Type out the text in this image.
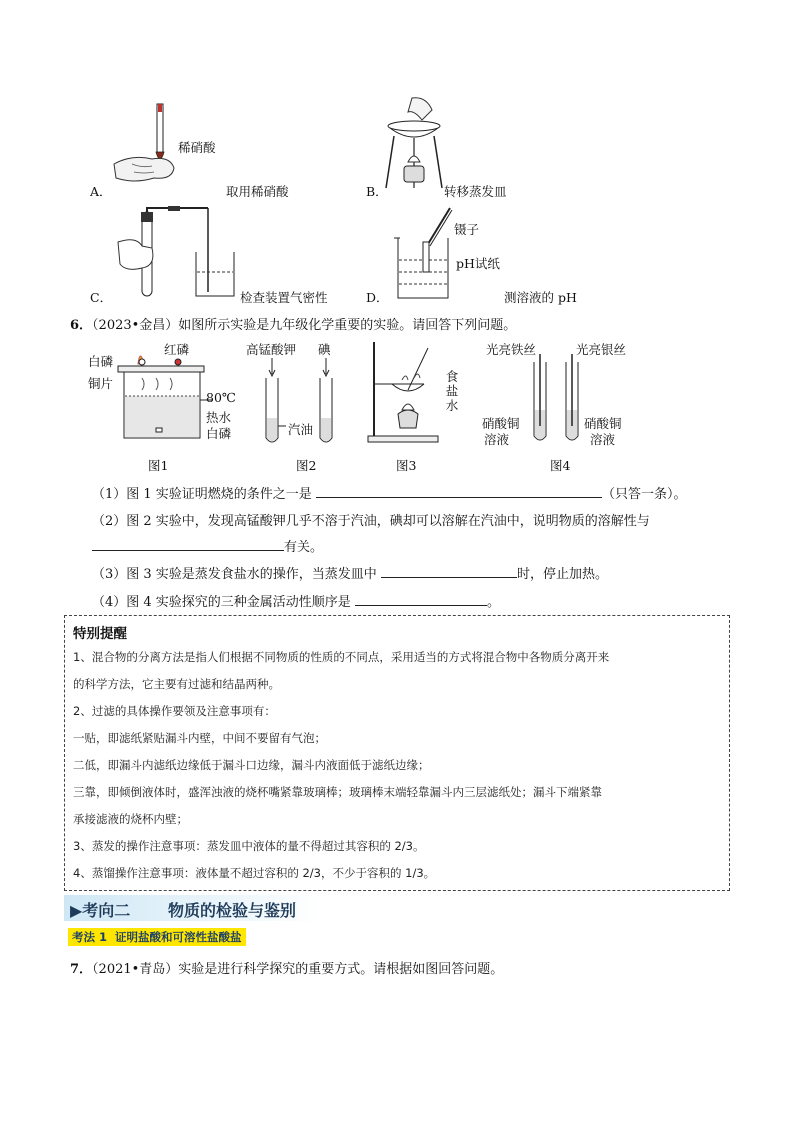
稀硝酸
A．	取用稀硝酸	B．	转移蒸发皿
C．	检查装置气密性
镊子
pH试纸
D．	测溶液的 pH
6．（2023•金昌）如图所示实验是九年级化学重要的实验。请回答下列问题。
白磷
红磷
铜片
80℃
热水
白磷
图1
高锰酸钾 碘
汽油
图2
食盐水
图3
光亮铁丝	光亮银丝
硝酸铜
溶液
硝酸铜
溶液
图4
（1）图 1 实验证明燃烧的条件之一是	（只答一条）。
（2）图 2 实验中，发现高锰酸钾几乎不溶于汽油，碘却可以溶解在汽油中，说明物质的溶解性与
有关。
（3）图 3 实验是蒸发食盐水的操作，当蒸发皿中	时，停止加热。
（4）图 4 实验探究的三种金属活动性顺序是	。
特别提醒
1、混合物的分离方法是指人们根据不同物质的性质的不同点，采用适当的方式将混合物中各物质分离开来
的科学方法，它主要有过滤和结晶两种。
2、过滤的具体操作要领及注意事项有：
一贴，即滤纸紧贴漏斗内壁，中间不要留有气泡；
二低，即漏斗内滤纸边缘低于漏斗口边缘，漏斗内液面低于滤纸边缘；
三靠，即倾倒液体时，盛浑浊液的烧杯嘴紧靠玻璃棒；玻璃棒末端轻靠漏斗内三层滤纸处；漏斗下端紧靠
承接滤液的烧杯内壁；
3、蒸发的操作注意事项：蒸发皿中液体的量不得超过其容积的 2/3。
4、蒸馏操作注意事项：液体量不超过容积的 2/3，不少于容积的 1/3。
▶考向二 物质的检验与鉴别
考法 1 证明盐酸和可溶性盐酸盐
7．（2021•青岛）实验是进行科学探究的重要方式。请根据如图回答问题。
